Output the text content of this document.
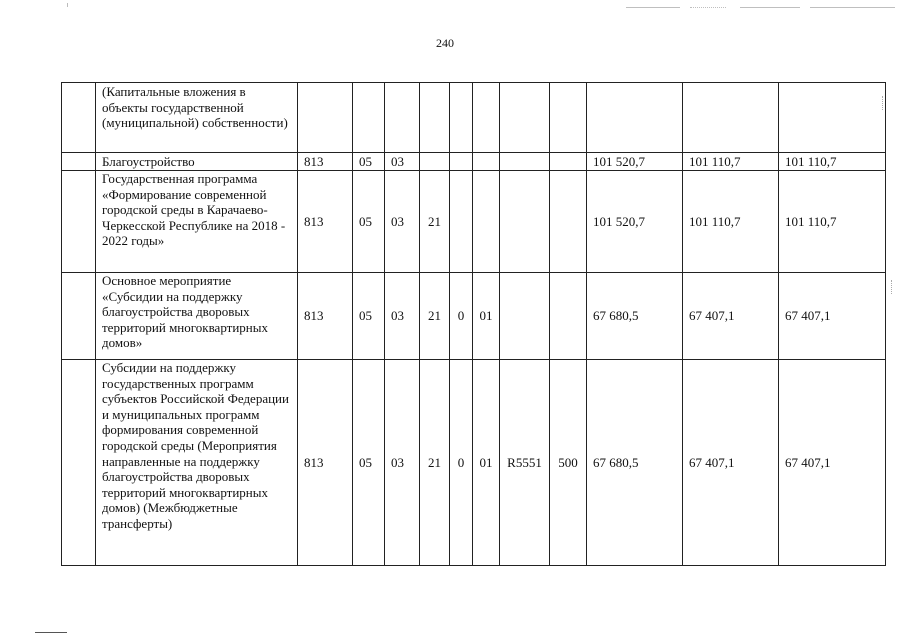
240
	(Капитальные вложения в объекты государственной (муниципальной) собственности)											
	Благоустройство	813	05	03						101 520,7	101 110,7	101 110,7
	Государственная программа «Формирование современной городской среды в Карачаево-Черкесской Республике на 2018 - 2022 годы»	813	05	03	21					101 520,7	101 110,7	101 110,7
	Основное мероприятие «Субсидии на поддержку благоустройства дворовых территорий многоквартирных домов»	813	05	03	21	0	01			67 680,5	67 407,1	67 407,1
	Субсидии на поддержку государственных программ субъектов Российской Федерации и муниципальных программ формирования современной городской среды (Мероприятия направленные на поддержку благоустройства дворовых территорий многоквартирных домов) (Межбюджетные трансферты)	813	05	03	21	0	01	R5551	500	67 680,5	67 407,1	67 407,1
